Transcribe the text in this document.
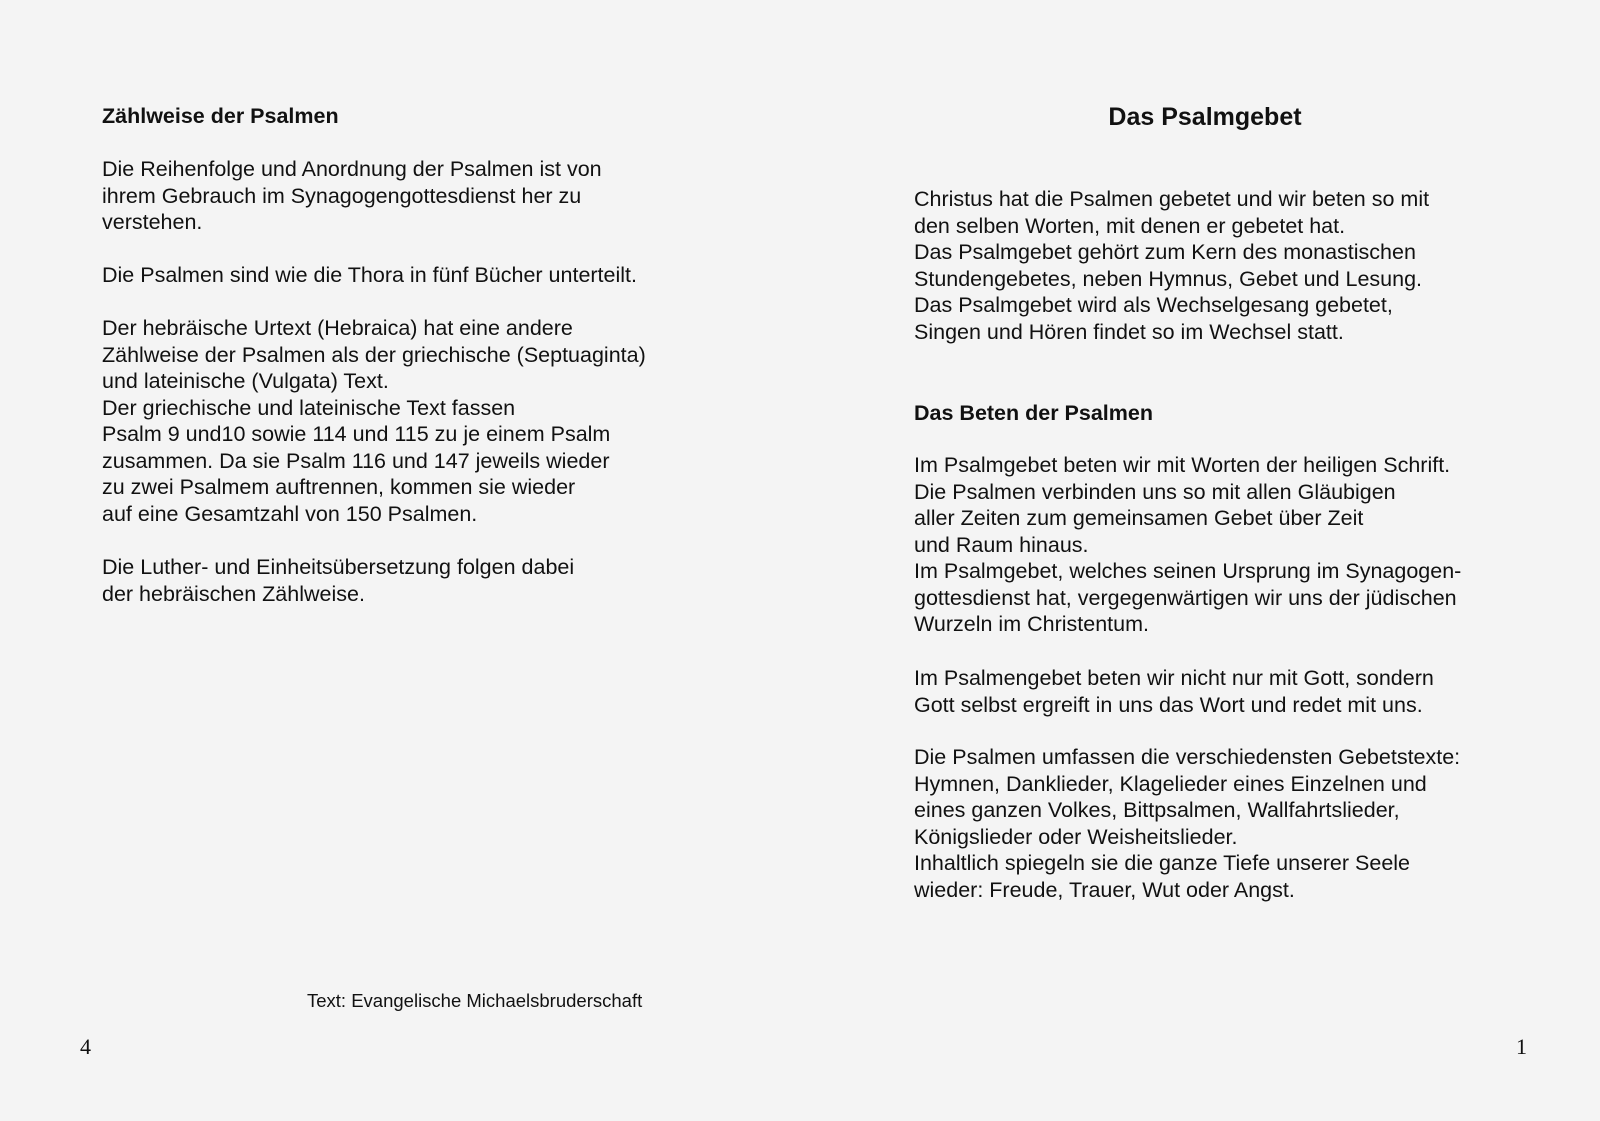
Zählweise der Psalmen

Die Reihenfolge und Anordnung der Psalmen ist von
ihrem Gebrauch im Synagogengottesdienst her zu
verstehen.

Die Psalmen sind wie die Thora in fünf Bücher unterteilt.

Der hebräische Urtext (Hebraica) hat eine andere
Zählweise der Psalmen als der griechische (Septuaginta)
und lateinische (Vulgata) Text.
Der griechische und lateinische Text fassen
Psalm 9 und10 sowie 114 und 115 zu je einem Psalm
zusammen. Da sie Psalm 116 und 147 jeweils wieder
zu zwei Psalmem auftrennen, kommen sie wieder
auf eine Gesamtzahl von 150 Psalmen.

Die Luther- und Einheitsübersetzung folgen dabei
der hebräischen Zählweise.

Text: Evangelische Michaelsbruderschaft

4

Das Psalmgebet

Christus hat die Psalmen gebetet und wir beten so mit
den selben Worten, mit denen er gebetet hat.
Das Psalmgebet gehört zum Kern des monastischen
Stundengebetes, neben Hymnus, Gebet und Lesung.
Das Psalmgebet wird als Wechselgesang gebetet,
Singen und Hören findet so im Wechsel statt.

Das Beten der Psalmen

Im Psalmgebet beten wir mit Worten der heiligen Schrift.
Die Psalmen verbinden uns so mit allen Gläubigen
aller Zeiten zum gemeinsamen Gebet über Zeit
und Raum hinaus.
Im Psalmgebet, welches seinen Ursprung im Synagogen-
gottesdienst hat, vergegenwärtigen wir uns der jüdischen
Wurzeln im Christentum.

Im Psalmengebet beten wir nicht nur mit Gott, sondern
Gott selbst ergreift in uns das Wort und redet mit uns.

Die Psalmen umfassen die verschiedensten Gebetstexte:
Hymnen, Danklieder, Klagelieder eines Einzelnen und
eines ganzen Volkes, Bittpsalmen, Wallfahrtslieder,
Königslieder oder Weisheitslieder.
Inhaltlich spiegeln sie die ganze Tiefe unserer Seele
wieder: Freude, Trauer, Wut oder Angst.

1
